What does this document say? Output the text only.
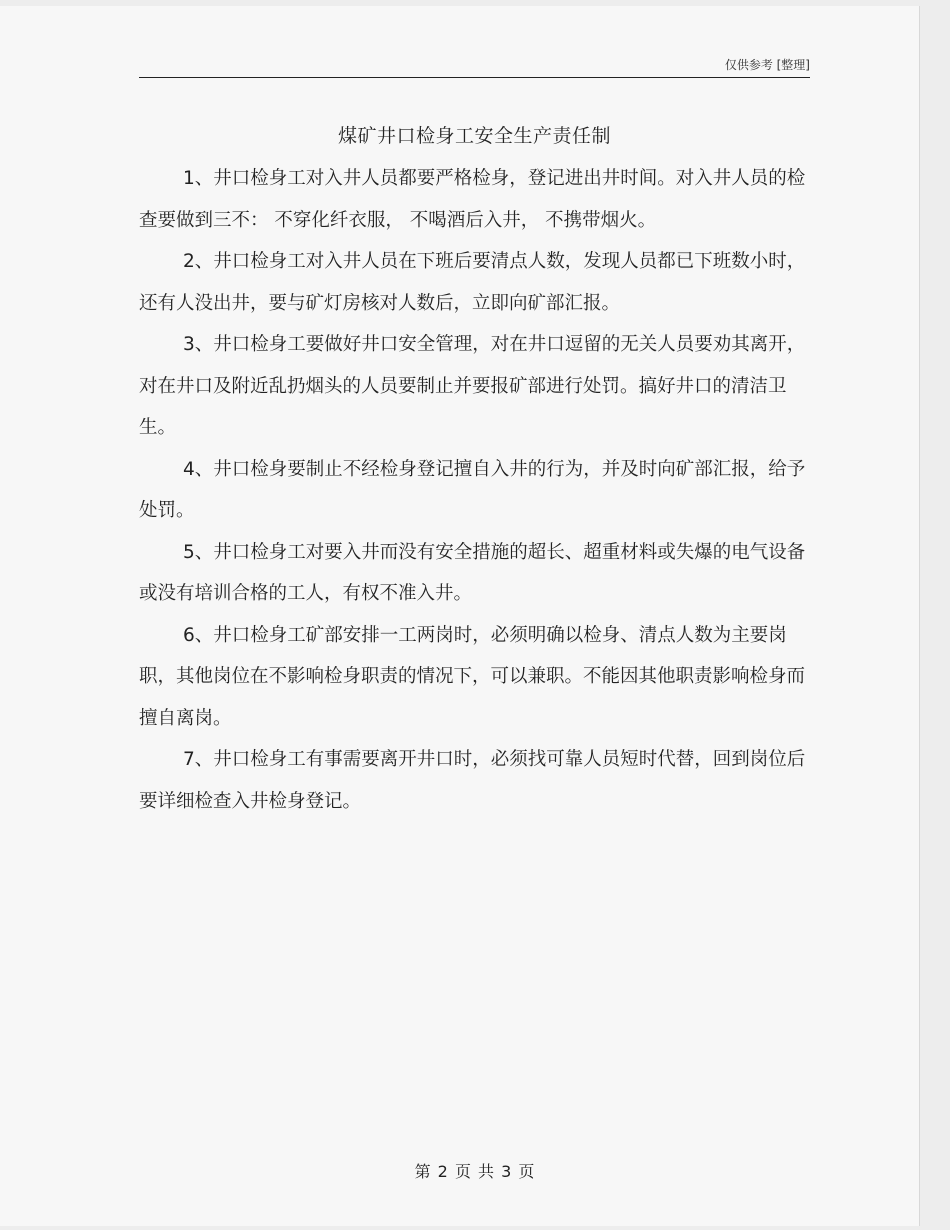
仅供参考 [整理]
煤矿井口检身工安全生产责任制

1、井口检身工对入井人员都要严格检身，登记进出井时间。对入井人员的检查要做到三不： 不穿化纤衣服， 不喝酒后入井， 不携带烟火。

2、井口检身工对入井人员在下班后要清点人数，发现人员都已下班数小时，还有人没出井，要与矿灯房核对人数后，立即向矿部汇报。

3、井口检身工要做好井口安全管理，对在井口逗留的无关人员要劝其离开，对在井口及附近乱扔烟头的人员要制止并要报矿部进行处罚。搞好井口的清洁卫生。

4、井口检身要制止不经检身登记擅自入井的行为，并及时向矿部汇报，给予处罚。

5、井口检身工对要入井而没有安全措施的超长、超重材料或失爆的电气设备或没有培训合格的工人，有权不准入井。

6、井口检身工矿部安排一工两岗时，必须明确以检身、清点人数为主要岗职，其他岗位在不影响检身职责的情况下，可以兼职。不能因其他职责影响检身而擅自离岗。

7、井口检身工有事需要离开井口时，必须找可靠人员短时代替，回到岗位后要详细检查入井检身登记。

第 2 页 共 3 页
